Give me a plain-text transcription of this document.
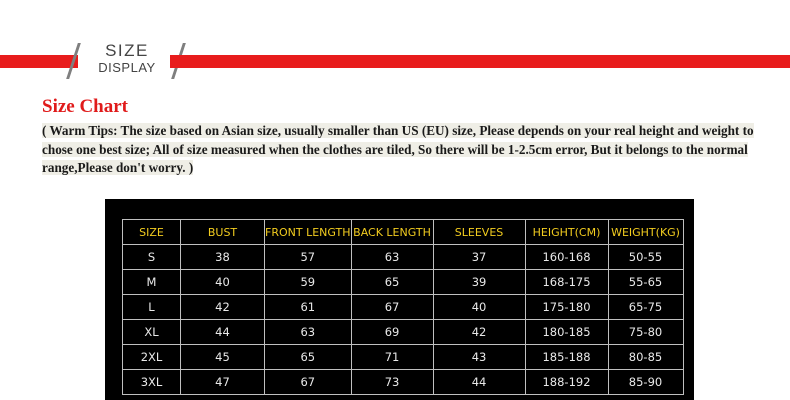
SIZE
DISPLAY
Size Chart

( Warm Tips: The size based on Asian size, usually smaller than US (EU) size, Please depends on your real height and weight to chose one best size; All of size measured when the clothes are tiled, So there will be 1-2.5cm error, But it belongs to the normal range,Please don't worry. )

SIZE	BUST	FRONT LENGTH	BACK LENGTH	SLEEVES	HEIGHT(CM)	WEIGHT(KG)
S	38	57	63	37	160-168	50-55
M	40	59	65	39	168-175	55-65
L	42	61	67	40	175-180	65-75
XL	44	63	69	42	180-185	75-80
2XL	45	65	71	43	185-188	80-85
3XL	47	67	73	44	188-192	85-90
